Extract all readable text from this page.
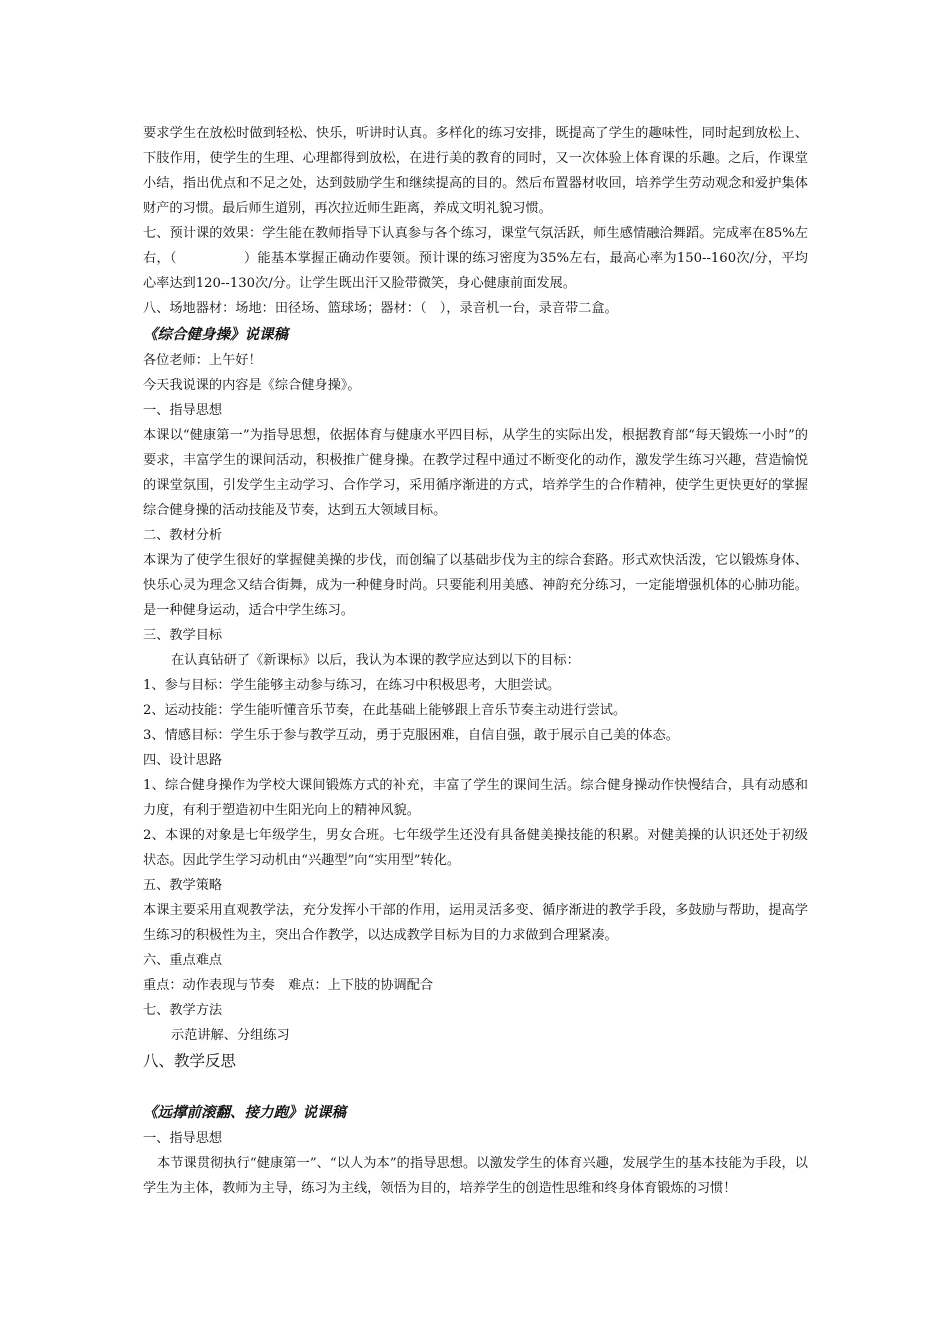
要求学生在放松时做到轻松、快乐，听讲时认真。多样化的练习安排，既提高了学生的趣味性，同时起到放松上、下肢作用，使学生的生理、心理都得到放松，在进行美的教育的同时，又一次体验上体育课的乐趣。之后，作课堂小结，指出优点和不足之处，达到鼓励学生和继续提高的目的。然后布置器材收回，培养学生劳动观念和爱护集体财产的习惯。最后师生道别，再次拉近师生距离，养成文明礼貌习惯。

七、预计课的效果：学生能在教师指导下认真参与各个练习，课堂气氛活跃，师生感情融洽舞蹈。完成率在85%左右，（　　　　　）能基本掌握正确动作要领。预计课的练习密度为35%左右，最高心率为150--160次/分，平均心率达到120--130次/分。让学生既出汗又脸带微笑，身心健康前面发展。

八、场地器材：场地：田径场、篮球场；器材：（　），录音机一台，录音带二盒。

《综合健身操》说课稿

各位老师：上午好！

今天我说课的内容是《综合健身操》。

一、指导思想

本课以“健康第一”为指导思想，依据体育与健康水平四目标，从学生的实际出发，根据教育部“每天锻炼一小时”的要求，丰富学生的课间活动，积极推广健身操。在教学过程中通过不断变化的动作，激发学生练习兴趣，营造愉悦的课堂氛围，引发学生主动学习、合作学习，采用循序渐进的方式，培养学生的合作精神，使学生更快更好的掌握综合健身操的活动技能及节奏，达到五大领域目标。

二、教材分析

本课为了使学生很好的掌握健美操的步伐，而创编了以基础步伐为主的综合套路。形式欢快活泼，它以锻炼身体、快乐心灵为理念又结合街舞，成为一种健身时尚。只要能利用美感、神韵充分练习，一定能增强机体的心肺功能。是一种健身运动，适合中学生练习。

三、教学目标

在认真钻研了《新课标》以后，我认为本课的教学应达到以下的目标：

1、参与目标：学生能够主动参与练习，在练习中积极思考，大胆尝试。

2、运动技能：学生能听懂音乐节奏，在此基础上能够跟上音乐节奏主动进行尝试。

3、情感目标：学生乐于参与教学互动，勇于克服困难，自信自强，敢于展示自己美的体态。

四、设计思路

1、综合健身操作为学校大课间锻炼方式的补充，丰富了学生的课间生活。综合健身操动作快慢结合，具有动感和力度，有利于塑造初中生阳光向上的精神风貌。

2、本课的对象是七年级学生，男女合班。七年级学生还没有具备健美操技能的积累。对健美操的认识还处于初级状态。因此学生学习动机由“兴趣型”向“实用型”转化。

五、教学策略

本课主要采用直观教学法，充分发挥小干部的作用，运用灵活多变、循序渐进的教学手段，多鼓励与帮助，提高学生练习的积极性为主，突出合作教学，以达成教学目标为目的力求做到合理紧凑。

六、重点难点

重点：动作表现与节奏　难点：上下肢的协调配合

七、教学方法

示范讲解、分组练习

八、教学反思

《远撑前滚翻、接力跑》说课稿

一、指导思想

本节课贯彻执行“健康第一”、“以人为本”的指导思想。以激发学生的体育兴趣，发展学生的基本技能为手段，以学生为主体，教师为主导，练习为主线，领悟为目的，培养学生的创造性思维和终身体育锻炼的习惯！
